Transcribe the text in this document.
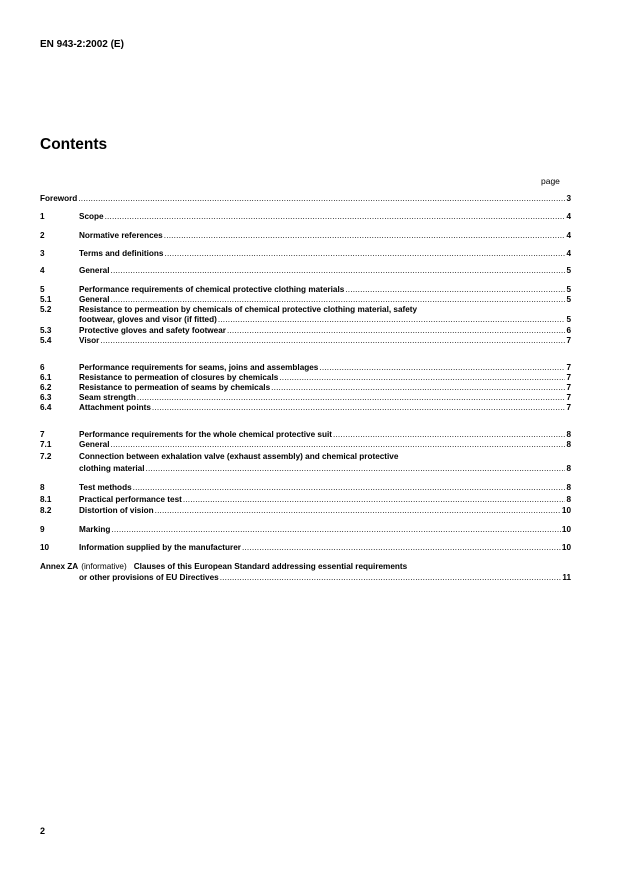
EN 943-2:2002 (E)
Contents
page
Foreword .....	3
1	Scope .....	4
2	Normative references .....	4
3	Terms and definitions .....	4
4	General .....	5
5	Performance requirements of chemical protective clothing materials .....	5
5.1	General .....	5
5.2	Resistance to permeation by chemicals of chemical protective clothing material, safety
footwear, gloves and visor (if fitted) .....	5
5.3	Protective gloves and safety footwear .....	6
5.4	Visor .....	7
6	Performance requirements for seams, joins and assemblages .....	7
6.1	Resistance to permeation of closures by chemicals .....	7
6.2	Resistance to permeation of seams by chemicals .....	7
6.3	Seam strength .....	7
6.4	Attachment points .....	7
7	Performance requirements for the whole chemical protective suit .....	8
7.1	General .....	8
7.2	Connection between exhalation valve (exhaust assembly) and chemical protective
clothing material .....	8
8	Test methods .....	8
8.1	Practical performance test .....	8
8.2	Distortion of vision .....	10
9	Marking .....	10
10	Information supplied by the manufacturer .....	10
Annex ZA (informative) Clauses of this European Standard addressing essential requirements
or other provisions of EU Directives .....	11
2
